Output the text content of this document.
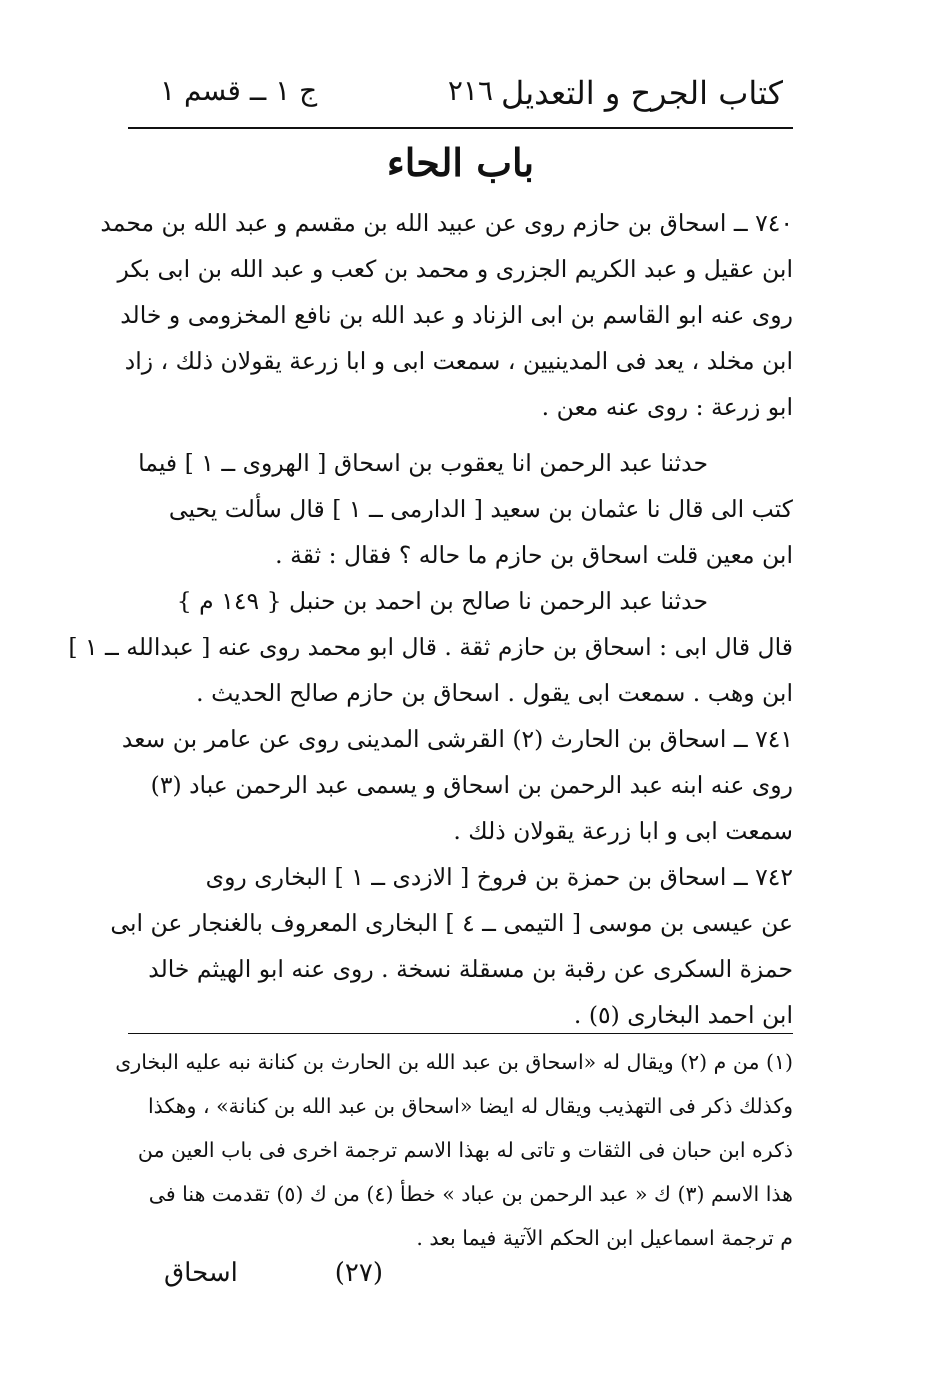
كتاب الجرح و التعديل
٢١٦
ج ١ ــ قسم ١
باب الحاء
٧٤٠ ــ اسحاق بن حازم روى عن عبيد الله بن مقسم و عبد الله بن محمد
ابن عقيل و عبد الكريم الجزرى و محمد بن كعب و عبد الله بن ابى بكر
روى عنه ابو القاسم بن ابى الزناد و عبد الله بن نافع المخزومى و خالد
ابن مخلد ، يعد فى المدينيين ، سمعت ابى و ابا زرعة يقولان ذلك ، زاد
ابو زرعة : روى عنه معن .
حدثنا عبد الرحمن انا يعقوب بن اسحاق [ الهروى ــ ١ ] فيما
كتب الى قال نا عثمان بن سعيد [ الدارمى ــ ١ ] قال سألت يحيى
ابن معين قلت اسحاق بن حازم ما حاله ؟ فقال : ثقة .
حدثنا عبد الرحمن نا صالح بن احمد بن حنبل { ١٤٩ م }
قال قال ابى : اسحاق بن حازم ثقة . قال ابو محمد روى عنه [ عبدالله ــ ١ ]
ابن وهب . سمعت ابى يقول . اسحاق بن حازم صالح الحديث .
٧٤١ ــ اسحاق بن الحارث (٢) القرشى المدينى روى عن عامر بن سعد
روى عنه ابنه عبد الرحمن بن اسحاق و يسمى عبد الرحمن عباد (٣)
سمعت ابى و ابا زرعة يقولان ذلك .
٧٤٢ ــ اسحاق بن حمزة بن فروخ [ الازدى ــ ١ ] البخارى روى
عن عيسى بن موسى [ التيمى ــ ٤ ] البخارى المعروف بالغنجار عن ابى
حمزة السكرى عن رقبة بن مسقلة نسخة . روى عنه ابو الهيثم خالد
ابن احمد البخارى (٥) .
(١) من م (٢) ويقال له «اسحاق بن عبد الله بن الحارث بن كنانة نبه عليه البخارى
وكذلك ذكر فى التهذيب ويقال له ايضا «اسحاق بن عبد الله بن كنانة» ، وهكذا
ذكره ابن حبان فى الثقات و تاتى له بهذا الاسم ترجمة اخرى فى باب العين من
هذا الاسم (٣) ك « عبد الرحمن بن عباد » خطأ (٤) من ك (٥) تقدمت هنا فى
م ترجمة اسماعيل ابن الحكم الآتية فيما بعد .
(٢٧)
اسحاق
